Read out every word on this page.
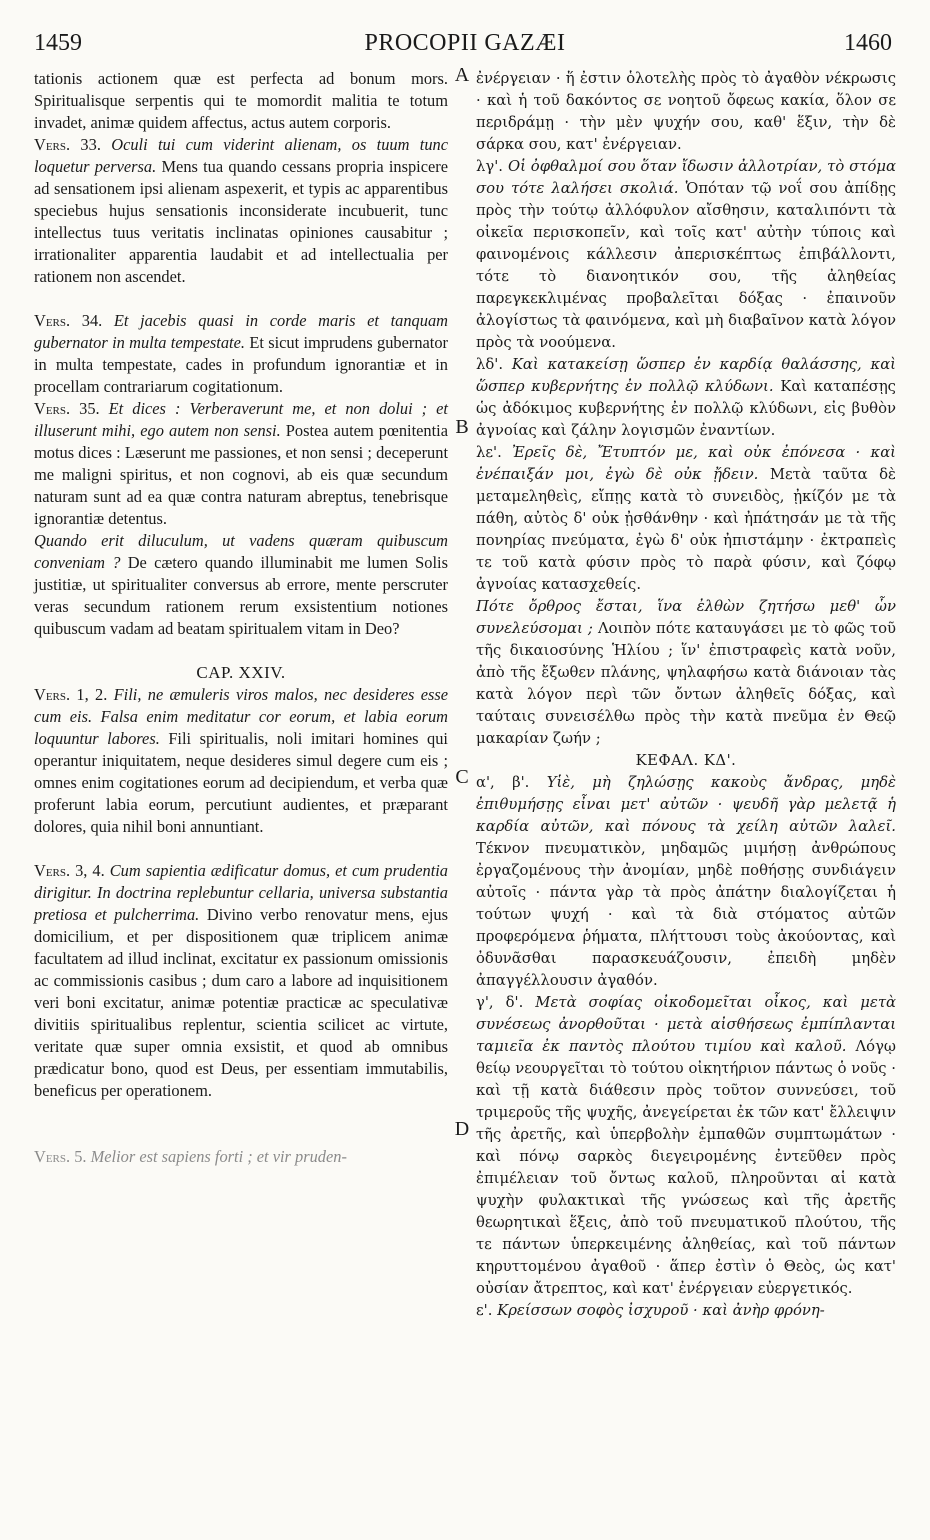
1459	PROCOPII GAZÆI	1460
A
B
C
D

tationis actionem quæ est perfecta ad bonum mors. Spiritualisque serpentis qui te momordit malitia te totum invadet, animæ quidem affectus, actus autem corporis.

Vers. 33. Oculi tui cum viderint alienam, os tuum tunc loquetur perversa. Mens tua quando cessans propria inspicere ad sensationem ipsi alienam aspexerit, et typis ac apparentibus speciebus hujus sensationis inconsiderate incubuerit, tunc intellectus tuus veritatis inclinatas opiniones causabitur ; irrationaliter apparentia laudabit et ad intellectualia per rationem non ascendet.

Vers. 34. Et jacebis quasi in corde maris et tanquam gubernator in multa tempestate. Et sicut imprudens gubernator in multa tempestate, cades in profundum ignorantiæ et in procellam contrariarum cogitationum.

Vers. 35. Et dices : Verberaverunt me, et non dolui ; et illuserunt mihi, ego autem non sensi. Postea autem pœnitentia motus dices : Læserunt me passiones, et non sensi ; deceperunt me maligni spiritus, et non cognovi, ab eis quæ secundum naturam sunt ad ea quæ contra naturam abreptus, tenebrisque ignorantiæ detentus.

Quando erit diluculum, ut vadens quæram quibuscum conveniam ? De cætero quando illuminabit me lumen Solis justitiæ, ut spiritualiter conversus ab errore, mente perscruter veras secundum rationem rerum exsistentium notiones quibuscum vadam ad beatam spiritualem vitam in Deo?

CAP. XXIV.

Vers. 1, 2. Fili, ne æmuleris viros malos, nec desideres esse cum eis. Falsa enim meditatur cor eorum, et labia eorum loquuntur labores. Fili spiritualis, noli imitari homines qui operantur iniquitatem, neque desideres simul degere cum eis ; omnes enim cogitationes eorum ad decipiendum, et verba quæ proferunt labia eorum, percutiunt audientes, et præparant dolores, quia nihil boni annuntiant.

Vers. 3, 4. Cum sapientia ædificatur domus, et cum prudentia dirigitur. In doctrina replebuntur cellaria, universa substantia pretiosa et pulcherrima. Divino verbo renovatur mens, ejus domicilium, et per dispositionem quæ triplicem animæ facultatem ad illud inclinat, excitatur ex passionum omissionis ac commissionis casibus ; dum caro a labore ad inquisitionem veri boni excitatur, animæ potentiæ practicæ ac speculativæ divitiis spiritualibus replentur, scientia scilicet ac virtute, veritate quæ super omnia exsistit, et quod ab omnibus prædicatur bono, quod est Deus, per essentiam immutabilis, beneficus per operationem.

Vers. 5. Melior est sapiens forti ; et vir pruden-

ἐνέργειαν · ἥ ἐστιν ὁλοτελὴς πρὸς τὸ ἀγαθὸν νέκρωσις · καὶ ἡ τοῦ δακόντος σε νοητοῦ ὄφεως κακία, ὅλον σε περιδράμῃ · τὴν μὲν ψυχήν σου, καθ' ἕξιν, τὴν δὲ σάρκα σου, κατ' ἐνέργειαν.

λγ'. Οἱ ὀφθαλμοί σου ὅταν ἴδωσιν ἀλλοτρίαν, τὸ στόμα σου τότε λαλήσει σκολιά. Ὁπόταν τῷ νοΐ σου ἀπίδῃς πρὸς τὴν τούτῳ ἀλλόφυλον αἴσθησιν, καταλιπόντι τὰ οἰκεῖα περισκοπεῖν, καὶ τοῖς κατ' αὐτὴν τύποις καὶ φαινομένοις κάλλεσιν ἀπερισκέπτως ἐπιβάλλοντι, τότε τὸ διανοητικόν σου, τῆς ἀληθείας παρεγκεκλιμένας προβαλεῖται δόξας · ἐπαινοῦν ἀλογίστως τὰ φαινόμενα, καὶ μὴ διαβαῖνον κατὰ λόγον πρὸς τὰ νοούμενα.

λδ'. Καὶ κατακείσῃ ὥσπερ ἐν καρδίᾳ θαλάσσης, καὶ ὥσπερ κυβερνήτης ἐν πολλῷ κλύδωνι. Καὶ καταπέσῃς ὡς ἀδόκιμος κυβερνήτης ἐν πολλῷ κλύδωνι, εἰς βυθὸν ἀγνοίας καὶ ζάλην λογισμῶν ἐναντίων.

λε'. Ἐρεῖς δὲ, Ἔτυπτόν με, καὶ οὐκ ἐπόνεσα · καὶ ἐνέπαιξάν μοι, ἐγὼ δὲ οὐκ ᾔδειν. Μετὰ ταῦτα δὲ μεταμεληθεὶς, εἴπῃς κατὰ τὸ συνειδὸς, ᾐκίζόν με τὰ πάθη, αὐτὸς δ' οὐκ ᾐσθάνθην · καὶ ἠπάτησάν με τὰ τῆς πονηρίας πνεύματα, ἐγὼ δ' οὐκ ἠπιστάμην · ἐκτραπεὶς τε τοῦ κατὰ φύσιν πρὸς τὸ παρὰ φύσιν, καὶ ζόφῳ ἀγνοίας κατασχεθείς.

Πότε ὄρθρος ἔσται, ἵνα ἐλθὼν ζητήσω μεθ' ὧν συνελεύσομαι ; Λοιπὸν πότε καταυγάσει με τὸ φῶς τοῦ τῆς δικαιοσύνης Ἡλίου ; ἵν' ἐπιστραφεὶς κατὰ νοῦν, ἀπὸ τῆς ἔξωθεν πλάνης, ψηλαφήσω κατὰ διάνοιαν τὰς κατὰ λόγον περὶ τῶν ὄντων ἀληθεῖς δόξας, καὶ ταύταις συνεισέλθω πρὸς τὴν κατὰ πνεῦμα ἐν Θεῷ μακαρίαν ζωήν ;

ΚΕΦΑΛ. ΚΔ'.

α', β'. Υἱὲ, μὴ ζηλώσῃς κακοὺς ἄνδρας, μηδὲ ἐπιθυμήσῃς εἶναι μετ' αὐτῶν · ψευδῆ γὰρ μελετᾷ ἡ καρδία αὐτῶν, καὶ πόνους τὰ χείλη αὐτῶν λαλεῖ. Τέκνον πνευματικὸν, μηδαμῶς μιμήσῃ ἀνθρώπους ἐργαζομένους τὴν ἀνομίαν, μηδὲ ποθήσῃς συνδιάγειν αὐτοῖς · πάντα γὰρ τὰ πρὸς ἀπάτην διαλογίζεται ἡ τούτων ψυχή · καὶ τὰ διὰ στόματος αὐτῶν προφερόμενα ῥήματα, πλήττουσι τοὺς ἀκούοντας, καὶ ὀδυνᾶσθαι παρασκευάζουσιν, ἐπειδὴ μηδὲν ἀπαγγέλλουσιν ἀγαθόν.

γ', δ'. Μετὰ σοφίας οἰκοδομεῖται οἶκος, καὶ μετὰ συνέσεως ἀνορθοῦται · μετὰ αἰσθήσεως ἐμπίπλανται ταμιεῖα ἐκ παντὸς πλούτου τιμίου καὶ καλοῦ. Λόγῳ θείῳ νεουργεῖται τὸ τούτου οἰκητήριον πάντως ὁ νοῦς · καὶ τῇ κατὰ διάθεσιν πρὸς τοῦτον συννεύσει, τοῦ τριμεροῦς τῆς ψυχῆς, ἀνεγείρεται ἐκ τῶν κατ' ἔλλειψιν τῆς ἀρετῆς, καὶ ὑπερβολὴν ἐμπαθῶν συμπτωμάτων · καὶ πόνῳ σαρκὸς διεγειρομένης ἐντεῦθεν πρὸς ἐπιμέλειαν τοῦ ὄντως καλοῦ, πληροῦνται αἱ κατὰ ψυχὴν φυλακτικαὶ τῆς γνώσεως καὶ τῆς ἀρετῆς θεωρητικαὶ ἕξεις, ἀπὸ τοῦ πνευματικοῦ πλούτου, τῆς τε πάντων ὑπερκειμένης ἀληθείας, καὶ τοῦ πάντων κηρυττομένου ἀγαθοῦ · ἅπερ ἐστὶν ὁ Θεὸς, ὡς κατ' οὐσίαν ἄτρεπτος, καὶ κατ' ἐνέργειαν εὐεργετικός.

ε'. Κρείσσων σοφὸς ἰσχυροῦ · καὶ ἀνὴρ φρόνη-
